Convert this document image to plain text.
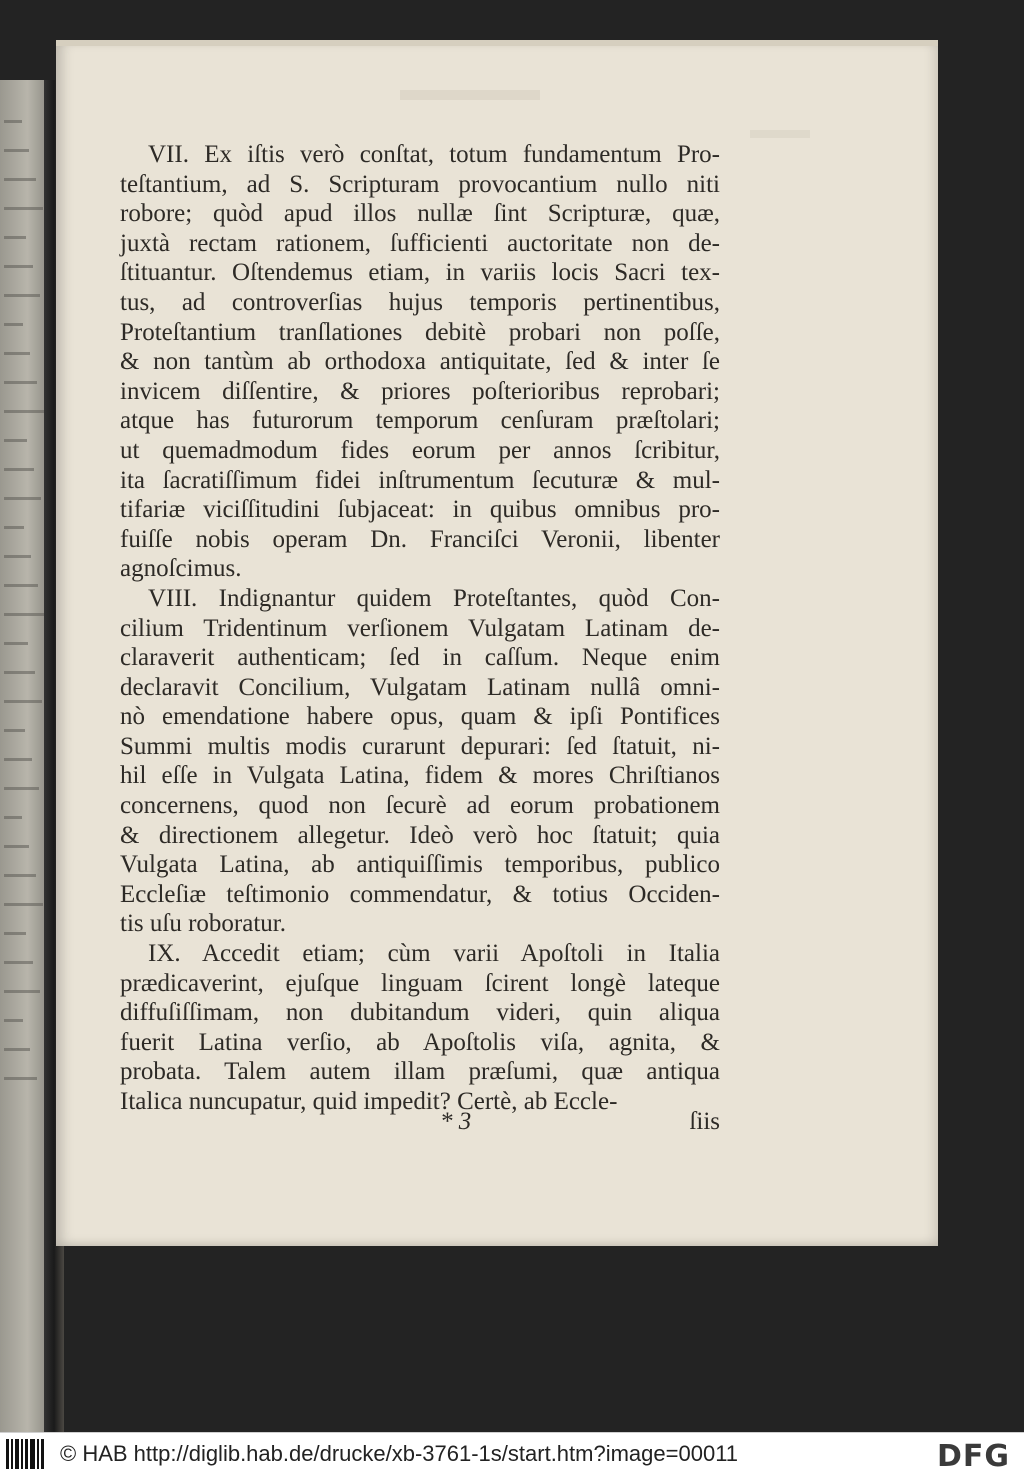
VII. Ex iſtis verò conſtat, totum fundamentum Pro-
teſtantium, ad S. Scripturam provocantium nullo niti
robore; quòd apud illos nullæ ſint Scripturæ, quæ,
juxtà rectam rationem, ſufficienti auctoritate non de-
ſtituantur. Oſtendemus etiam, in variis locis Sacri tex-
tus, ad controverſias hujus temporis pertinentibus,
Proteſtantium tranſlationes debitè probari non poſſe,
& non tantùm ab orthodoxa antiquitate, ſed & inter ſe
invicem diſſentire, & priores poſterioribus reprobari;
atque has futurorum temporum cenſuram præſtolari;
ut quemadmodum fides eorum per annos ſcribitur,
ita ſacratiſſimum fidei inſtrumentum ſecuturæ & mul-
tifariæ viciſſitudini ſubjaceat: in quibus omnibus pro-
fuiſſe nobis operam Dn. Franciſci Veronii, libenter
agnoſcimus.
VIII. Indignantur quidem Proteſtantes, quòd Con-
cilium Tridentinum verſionem Vulgatam Latinam de-
claraverit authenticam; ſed in caſſum. Neque enim
declaravit Concilium, Vulgatam Latinam nullâ omni-
nò emendatione habere opus, quam & ipſi Pontifices
Summi multis modis curarunt depurari: ſed ſtatuit, ni-
hil eſſe in Vulgata Latina, fidem & mores Chriſtianos
concernens, quod non ſecurè ad eorum probationem
& directionem allegetur. Ideò verò hoc ſtatuit; quia
Vulgata Latina, ab antiquiſſimis temporibus, publico
Eccleſiæ teſtimonio commendatur, & totius Occiden-
tis uſu roboratur.
IX. Accedit etiam; cùm varii Apoſtoli in Italia
prædicaverint, ejuſque linguam ſcirent longè lateque
diffuſiſſimam, non dubitandum videri, quin aliqua
fuerit Latina verſio, ab Apoſtolis viſa, agnita, &
probata. Talem autem illam præſumi, quæ antiqua
Italica nuncupatur, quid impedit? Certè, ab Eccle-
* 3	ſiis
© HAB http://diglib.hab.de/drucke/xb-3761-1s/start.htm?image=00011	DFG
